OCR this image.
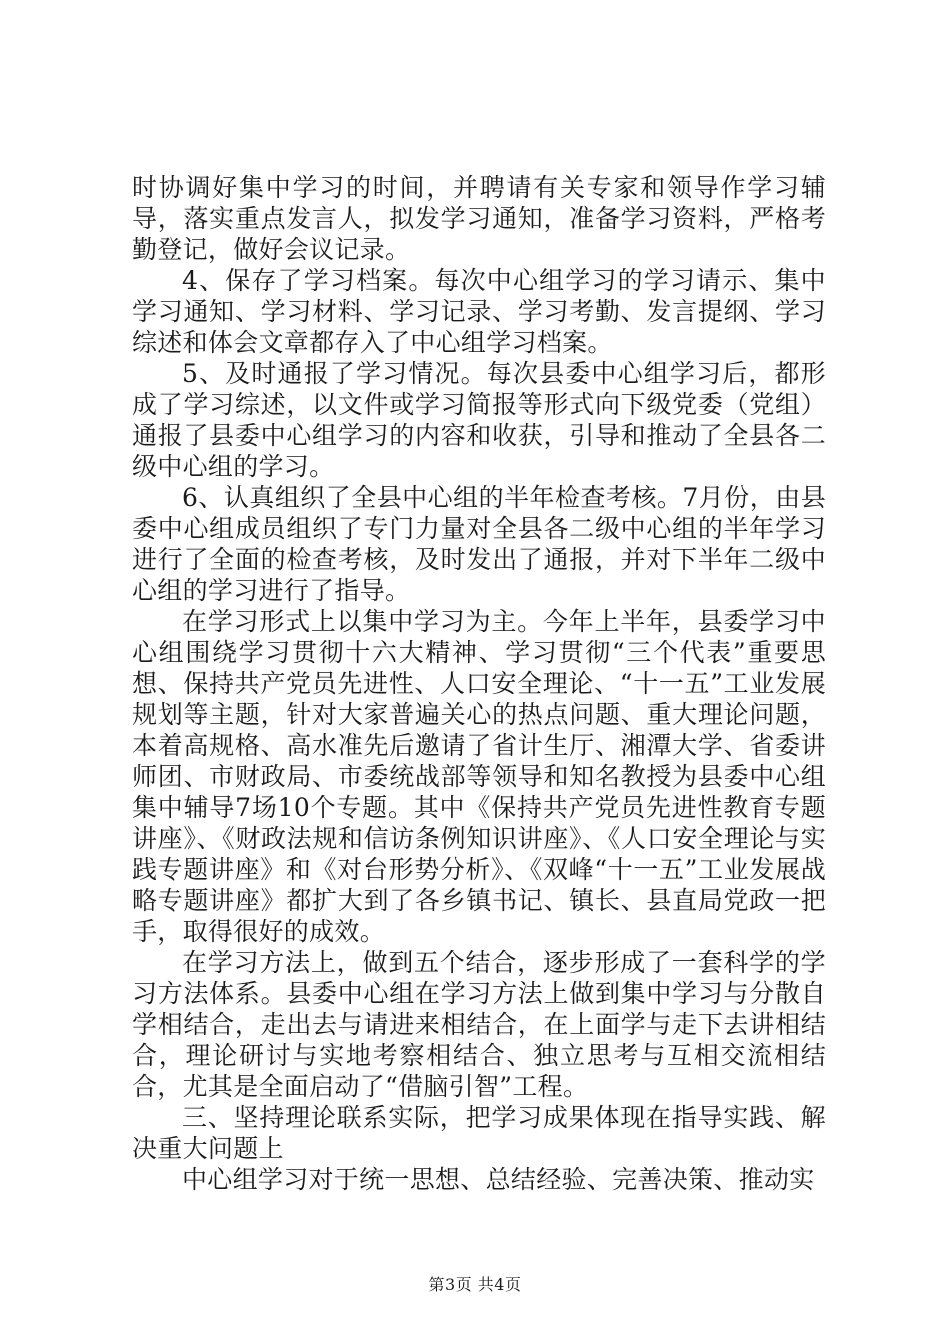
时协调好集中学习的时间，并聘请有关专家和领导作学习辅导，落实重点发言人，拟发学习通知，准备学习资料，严格考勤登记，做好会议记录。

4、保存了学习档案。每次中心组学习的学习请示、集中学习通知、学习材料、学习记录、学习考勤、发言提纲、学习综述和体会文章都存入了中心组学习档案。

5、及时通报了学习情况。每次县委中心组学习后，都形成了学习综述，以文件或学习简报等形式向下级党委（党组）通报了县委中心组学习的内容和收获，引导和推动了全县各二级中心组的学习。

6、认真组织了全县中心组的半年检查考核。7月份，由县委中心组成员组织了专门力量对全县各二级中心组的半年学习进行了全面的检查考核，及时发出了通报，并对下半年二级中心组的学习进行了指导。

在学习形式上以集中学习为主。今年上半年，县委学习中心组围绕学习贯彻十六大精神、学习贯彻“三个代表”重要思想、保持共产党员先进性、人口安全理论、“十一五”工业发展规划等主题，针对大家普遍关心的热点问题、重大理论问题，本着高规格、高水准先后邀请了省计生厅、湘潭大学、省委讲师团、市财政局、市委统战部等领导和知名教授为县委中心组集中辅导7场10个专题。其中《保持共产党员先进性教育专题讲座》、《财政法规和信访条例知识讲座》、《人口安全理论与实践专题讲座》和《对台形势分析》、《双峰“十一五”工业发展战略专题讲座》都扩大到了各乡镇书记、镇长、县直局党政一把手，取得很好的成效。

在学习方法上，做到五个结合，逐步形成了一套科学的学习方法体系。县委中心组在学习方法上做到集中学习与分散自学相结合，走出去与请进来相结合，在上面学与走下去讲相结合，理论研讨与实地考察相结合、独立思考与互相交流相结合，尤其是全面启动了“借脑引智”工程。

三、坚持理论联系实际，把学习成果体现在指导实践、解决重大问题上

中心组学习对于统一思想、总结经验、完善决策、推动实

第3页 共4页
